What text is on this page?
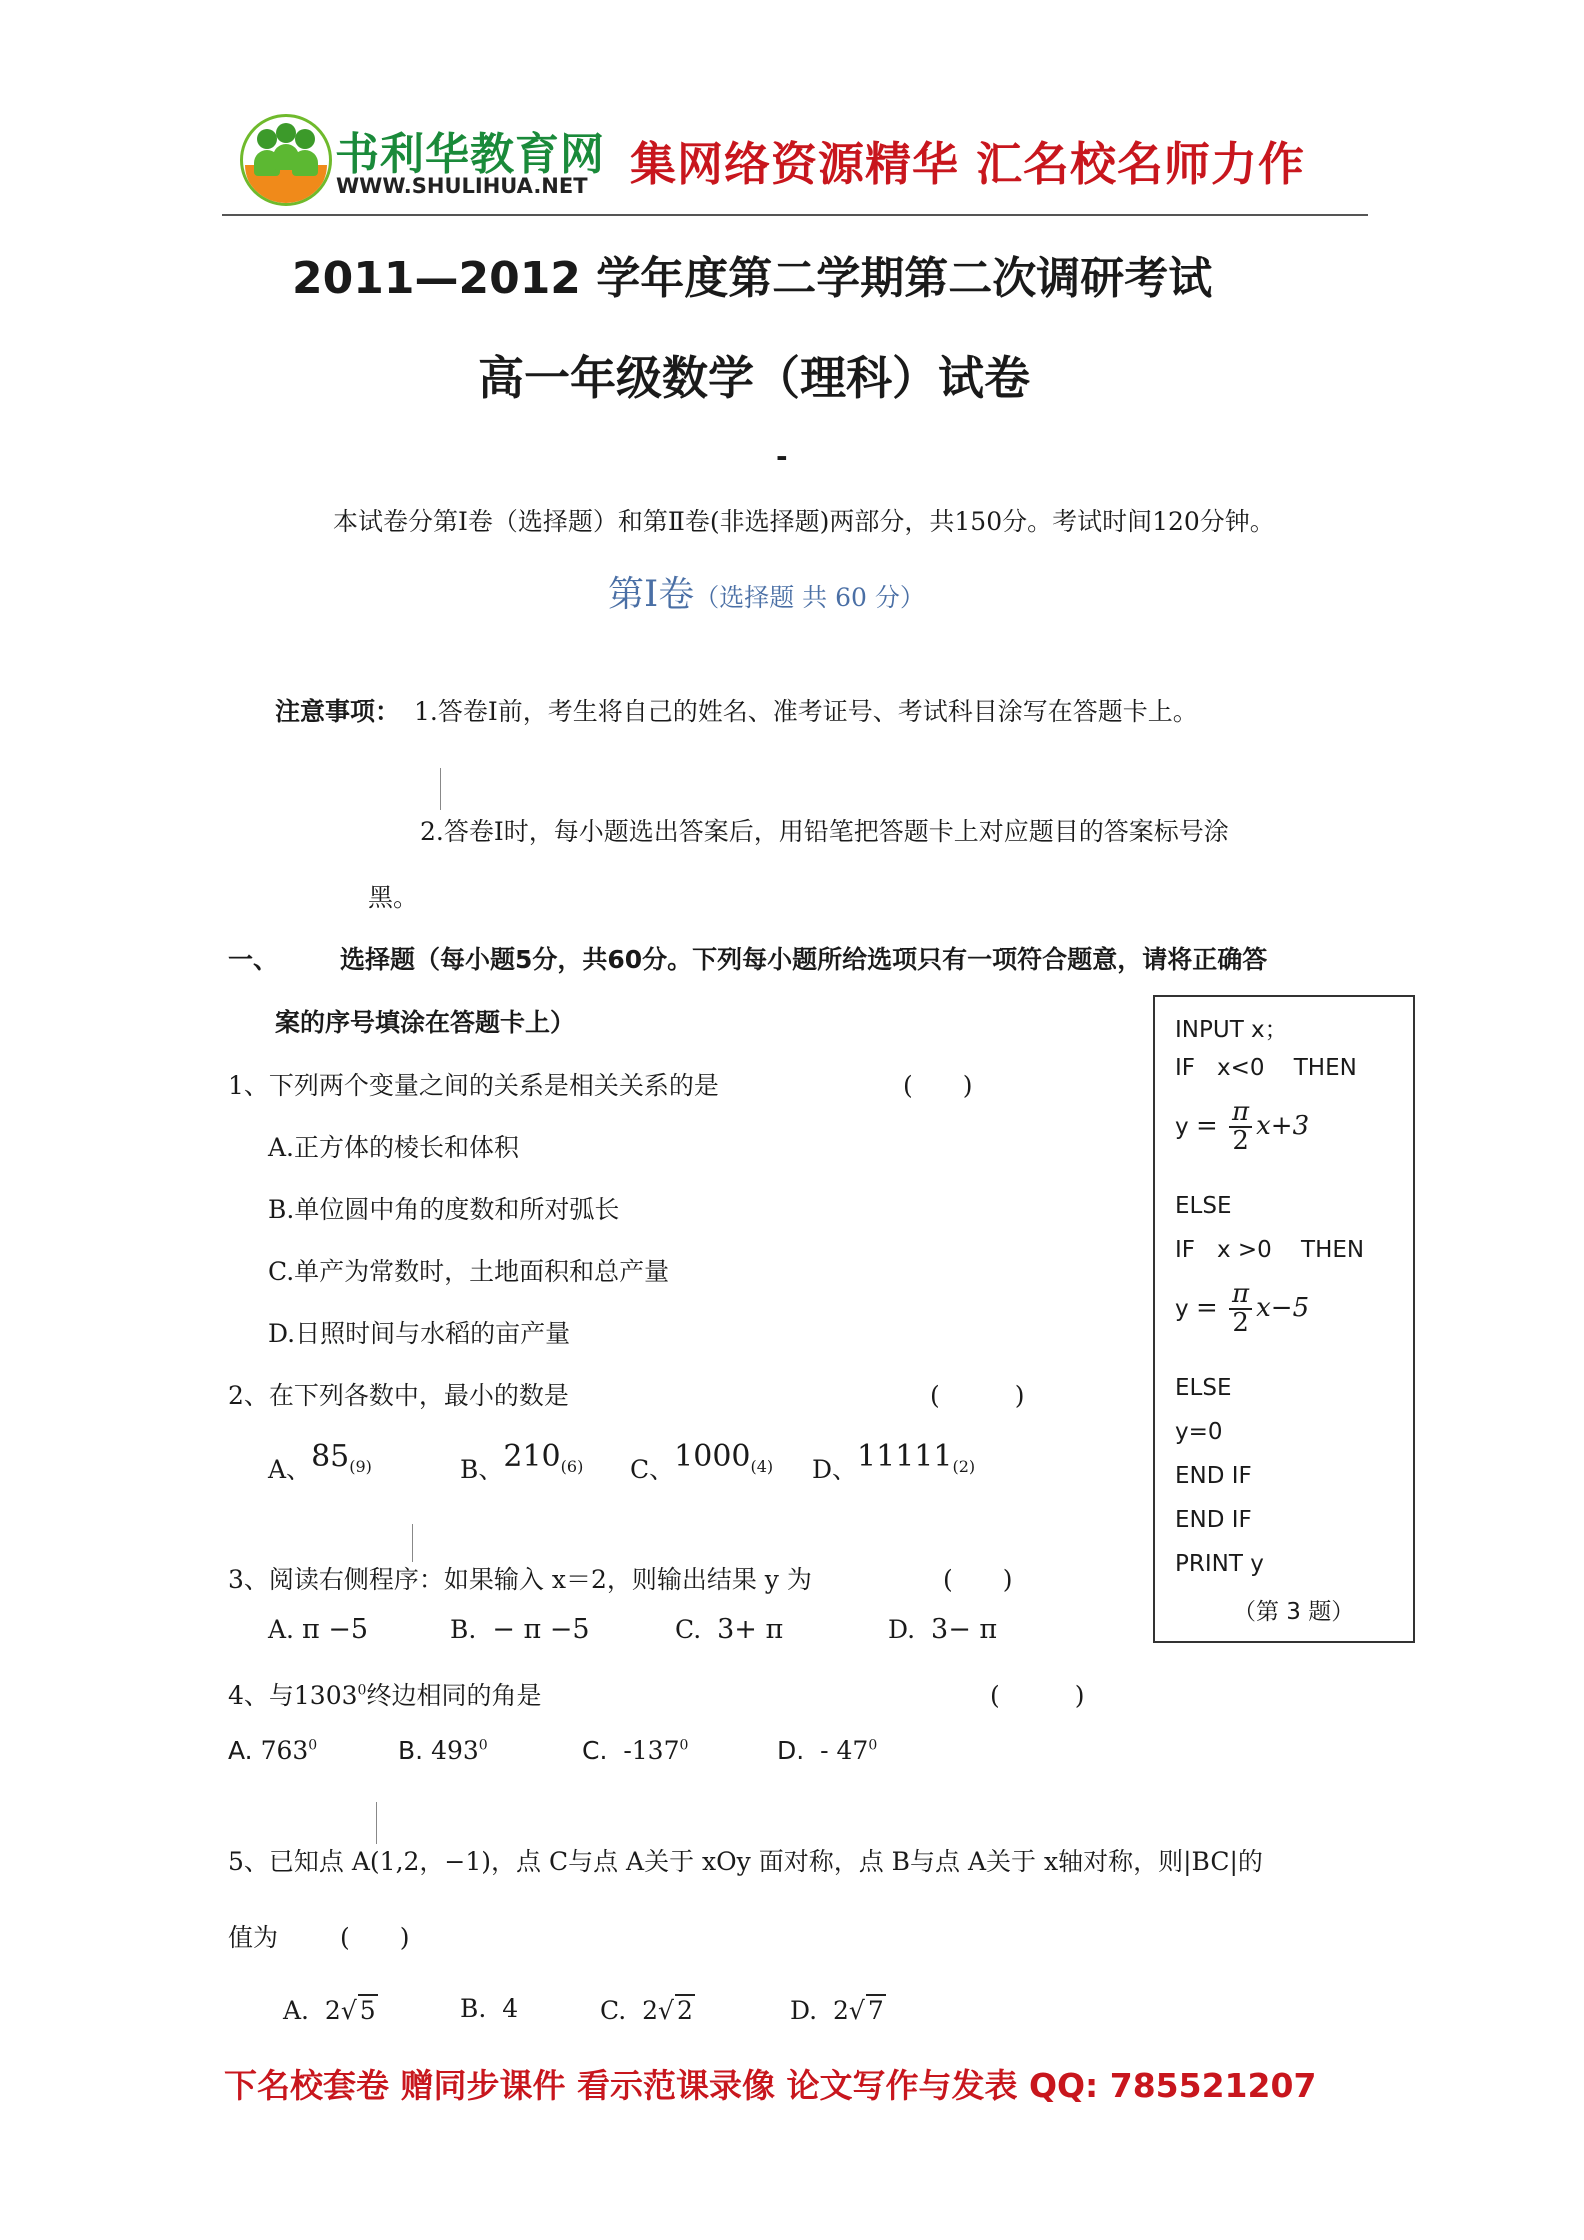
书利华教育网
WWW.SHULIHUA.NET 集网络资源精华 汇名校名师力作
2011—2012 学年度第二学期第二次调研考试
高一年级数学（理科）试卷
-
本试卷分第Ⅰ卷（选择题）和第Ⅱ卷(非选择题)两部分，共150分。考试时间120分钟。
第Ⅰ卷（选择题 共 60 分）
注意事项： 1.答卷Ⅰ前，考生将自己的姓名、准考证号、考试科目涂写在答题卡上。
2.答卷Ⅰ时，每小题选出答案后，用铅笔把答题卡上对应题目的答案标号涂
黑。
一、 选择题（每小题5分，共60分。下列每小题所给选项只有一项符合题意，请将正确答
案的序号填涂在答题卡上）
1、下列两个变量之间的关系是相关关系的是	(　　)
A.正方体的棱长和体积
B.单位圆中角的度数和所对弧长
C.单产为常数时，土地面积和总产量
D.日照时间与水稻的亩产量
2、在下列各数中，最小的数是	(　　　)
A、$85_{(9)}$	B、$210_{(6)}$ C、$1000_{(4)}$ D、$11111_{(2)}$
3、阅读右侧程序：如果输入 x＝2，则输出结果 y 为	(　　)
A. π −5	B. − π −5	C. 3+ π	D. 3− π
4、与1303$^0$终边相同的角是	(　　　)
A. $763^0$	B. $493^0$	C. $-137^0$	D. - $47^0$
5、已知点 A(1,2，−1)，点 C与点 A关于 xOy 面对称，点 B与点 A关于 x轴对称，则|BC|的
值为 (　　)
A. 2√ 5	B. 4	C. 2√ 2	D. 2√ 7
INPUT x；
IF x<0 THEN
$y = \frac{\pi}{2} x+3$
ELSE
IF x >0 THEN
$y = \frac{\pi}{2} x-5$
ELSE
y=0
END IF
END IF
PRINT y
（第 3 题）
下名校套卷 赠同步课件 看示范课录像 论文写作与发表 QQ: 785521207
